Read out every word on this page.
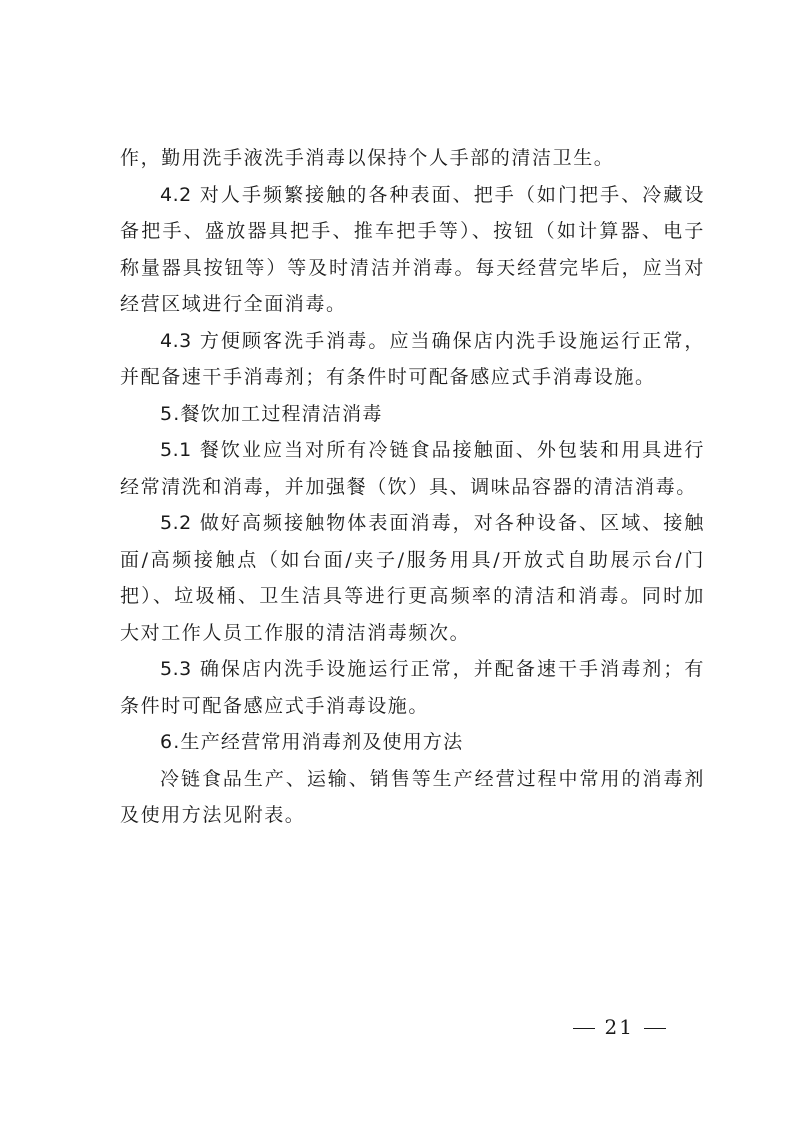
作，勤用洗手液洗手消毒以保持个人手部的清洁卫生。

4.2 对人手频繁接触的各种表面、把手（如门把手、冷藏设备把手、盛放器具把手、推车把手等）、按钮（如计算器、电子称量器具按钮等）等及时清洁并消毒。每天经营完毕后，应当对经营区域进行全面消毒。

4.3 方便顾客洗手消毒。应当确保店内洗手设施运行正常，并配备速干手消毒剂；有条件时可配备感应式手消毒设施。

5.餐饮加工过程清洁消毒

5.1 餐饮业应当对所有冷链食品接触面、外包装和用具进行经常清洗和消毒，并加强餐（饮）具、调味品容器的清洁消毒。

5.2 做好高频接触物体表面消毒，对各种设备、区域、接触面/高频接触点（如台面/夹子/服务用具/开放式自助展示台/门把）、垃圾桶、卫生洁具等进行更高频率的清洁和消毒。同时加大对工作人员工作服的清洁消毒频次。

5.3 确保店内洗手设施运行正常，并配备速干手消毒剂；有条件时可配备感应式手消毒设施。

6.生产经营常用消毒剂及使用方法

冷链食品生产、运输、销售等生产经营过程中常用的消毒剂及使用方法见附表。

21
